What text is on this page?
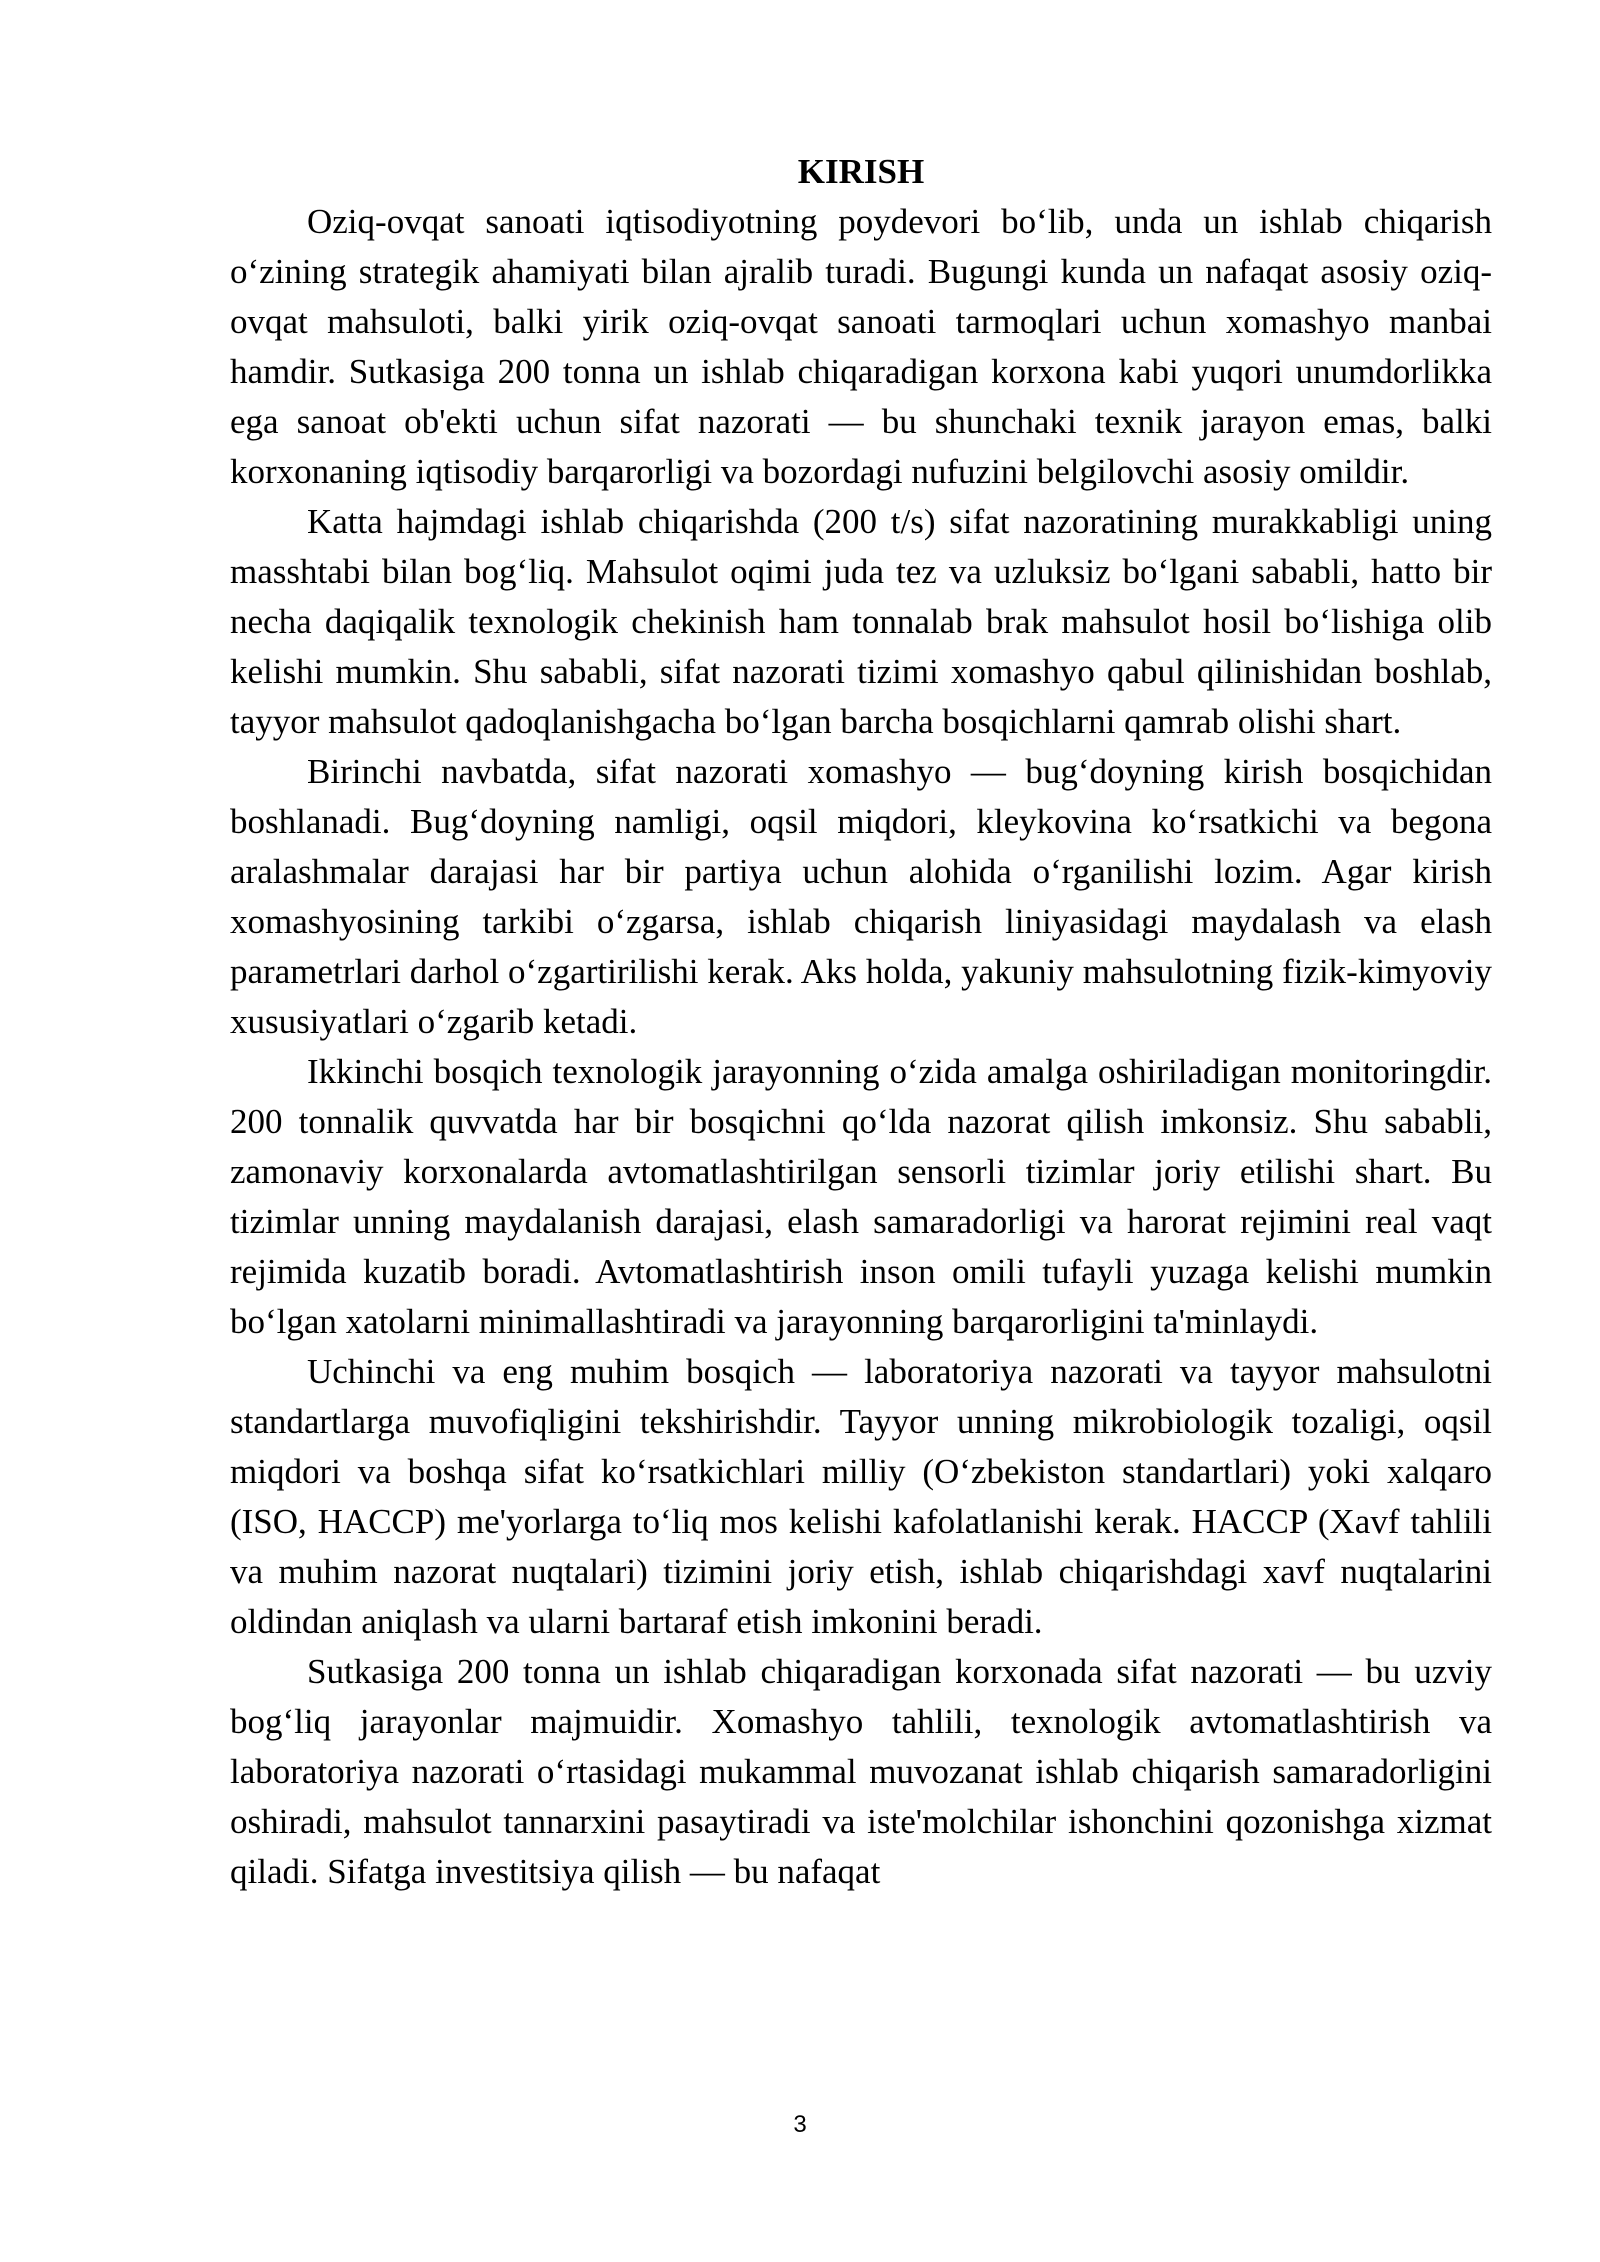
KIRISH

Oziq-ovqat sanoati iqtisodiyotning poydevori bo‘lib, unda un ishlab chiqarish o‘zining strategik ahamiyati bilan ajralib turadi. Bugungi kunda un nafaqat asosiy oziq-ovqat mahsuloti, balki yirik oziq-ovqat sanoati tarmoqlari uchun xomashyo manbai hamdir. Sutkasiga 200 tonna un ishlab chiqaradigan korxona kabi yuqori unumdorlikka ega sanoat ob'ekti uchun sifat nazorati — bu shunchaki texnik jarayon emas, balki korxonaning iqtisodiy barqarorligi va bozordagi nufuzini belgilovchi asosiy omildir.

Katta hajmdagi ishlab chiqarishda (200 t/s) sifat nazoratining murakkabligi uning masshtabi bilan bog‘liq. Mahsulot oqimi juda tez va uzluksiz bo‘lgani sababli, hatto bir necha daqiqalik texnologik chekinish ham tonnalab brak mahsulot hosil bo‘lishiga olib kelishi mumkin. Shu sababli, sifat nazorati tizimi xomashyo qabul qilinishidan boshlab, tayyor mahsulot qadoqlanishgacha bo‘lgan barcha bosqichlarni qamrab olishi shart.

Birinchi navbatda, sifat nazorati xomashyo — bug‘doyning kirish bosqichidan boshlanadi. Bug‘doyning namligi, oqsil miqdori, kleykovina ko‘rsatkichi va begona aralashmalar darajasi har bir partiya uchun alohida o‘rganilishi lozim. Agar kirish xomashyosining tarkibi o‘zgarsa, ishlab chiqarish liniyasidagi maydalash va elash parametrlari darhol o‘zgartirilishi kerak. Aks holda, yakuniy mahsulotning fizik-kimyoviy xususiyatlari o‘zgarib ketadi.

Ikkinchi bosqich texnologik jarayonning o‘zida amalga oshiriladigan monitoringdir. 200 tonnalik quvvatda har bir bosqichni qo‘lda nazorat qilish imkonsiz. Shu sababli, zamonaviy korxonalarda avtomatlashtirilgan sensorli tizimlar joriy etilishi shart. Bu tizimlar unning maydalanish darajasi, elash samaradorligi va harorat rejimini real vaqt rejimida kuzatib boradi. Avtomatlashtirish inson omili tufayli yuzaga kelishi mumkin bo‘lgan xatolarni minimallashtiradi va jarayonning barqarorligini ta'minlaydi.

Uchinchi va eng muhim bosqich — laboratoriya nazorati va tayyor mahsulotni standartlarga muvofiqligini tekshirishdir. Tayyor unning mikrobiologik tozaligi, oqsil miqdori va boshqa sifat ko‘rsatkichlari milliy (O‘zbekiston standartlari) yoki xalqaro (ISO, HACCP) me'yorlarga to‘liq mos kelishi kafolatlanishi kerak. HACCP (Xavf tahlili va muhim nazorat nuqtalari) tizimini joriy etish, ishlab chiqarishdagi xavf nuqtalarini oldindan aniqlash va ularni bartaraf etish imkonini beradi.

Sutkasiga 200 tonna un ishlab chiqaradigan korxonada sifat nazorati — bu uzviy bog‘liq jarayonlar majmuidir. Xomashyo tahlili, texnologik avtomatlashtirish va laboratoriya nazorati o‘rtasidagi mukammal muvozanat ishlab chiqarish samaradorligini oshiradi, mahsulot tannarxini pasaytiradi va iste'molchilar ishonchini qozonishga xizmat qiladi. Sifatga investitsiya qilish — bu nafaqat

3
